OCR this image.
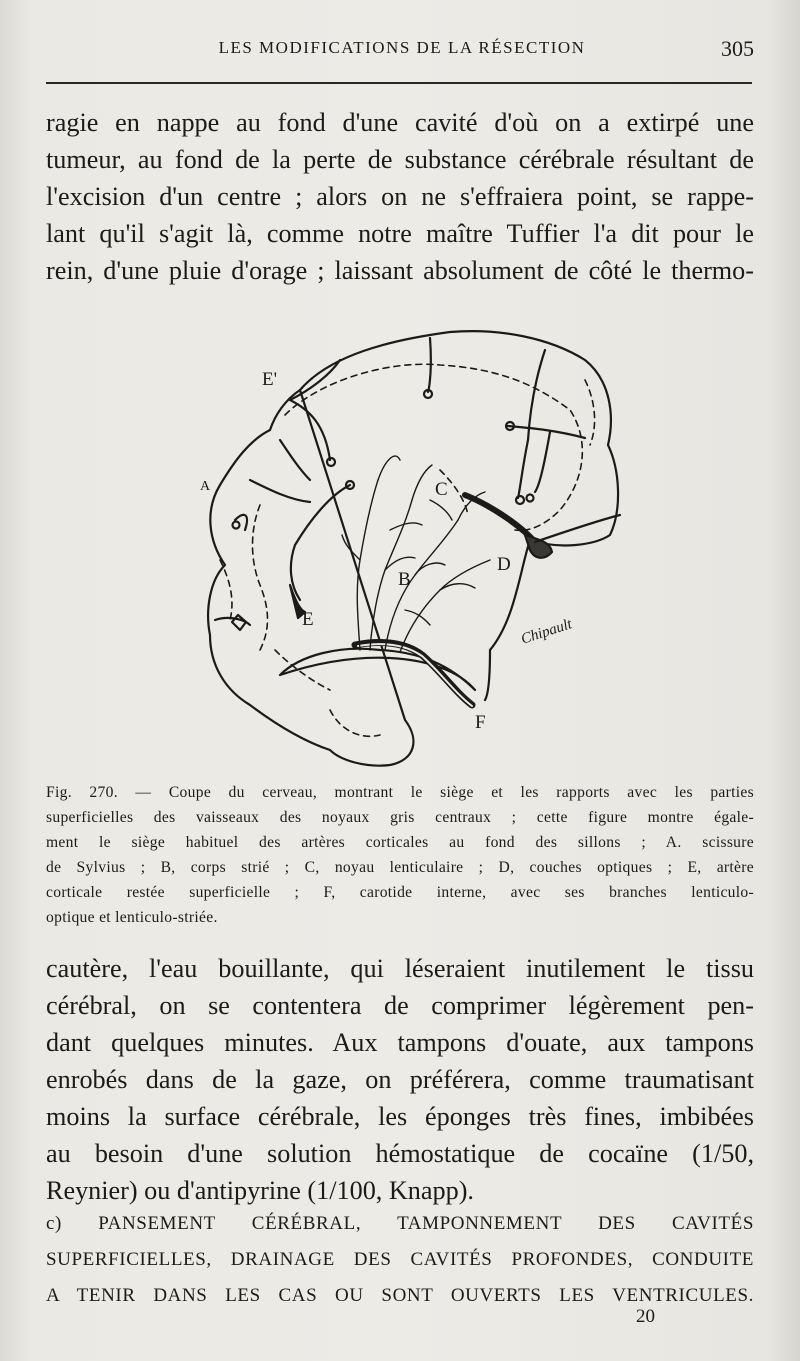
LES MODIFICATIONS DE LA RÉSECTION	305

ragie en nappe au fond d'une cavité d'où on a extirpé une
tumeur, au fond de la perte de substance cérébrale résultant de
l'excision d'un centre ; alors on ne s'effraiera point, se rappe-
lant qu'il s'agit là, comme notre maître Tuffier l'a dit pour le
rein, d'une pluie d'orage ; laissant absolument de côté le thermo-

E'
A	C
B
D
E
F
Chipault

Fig. 270. — Coupe du cerveau, montrant le siège et les rapports avec les parties
superficielles des vaisseaux des noyaux gris centraux ; cette figure montre égale-
ment le siège habituel des artères corticales au fond des sillons ; A. scissure
de Sylvius ; B, corps strié ; C, noyau lenticulaire ; D, couches optiques ; E, artère
corticale restée superficielle ; F, carotide interne, avec ses branches lenticulo-
optique et lenticulo-striée.

cautère, l'eau bouillante, qui léseraient inutilement le tissu
cérébral, on se contentera de comprimer légèrement pen-
dant quelques minutes. Aux tampons d'ouate, aux tampons
enrobés dans de la gaze, on préférera, comme traumatisant
moins la surface cérébrale, les éponges très fines, imbibées
au besoin d'une solution hémostatique de cocaïne (1/50,
Reynier) ou d'antipyrine (1/100, Knapp).

c) PANSEMENT CÉRÉBRAL, TAMPONNEMENT DES CAVITÉS
SUPERFICIELLES, DRAINAGE DES CAVITÉS PROFONDES, CONDUITE
A TENIR DANS LES CAS OU SONT OUVERTS LES VENTRICULES.

20
